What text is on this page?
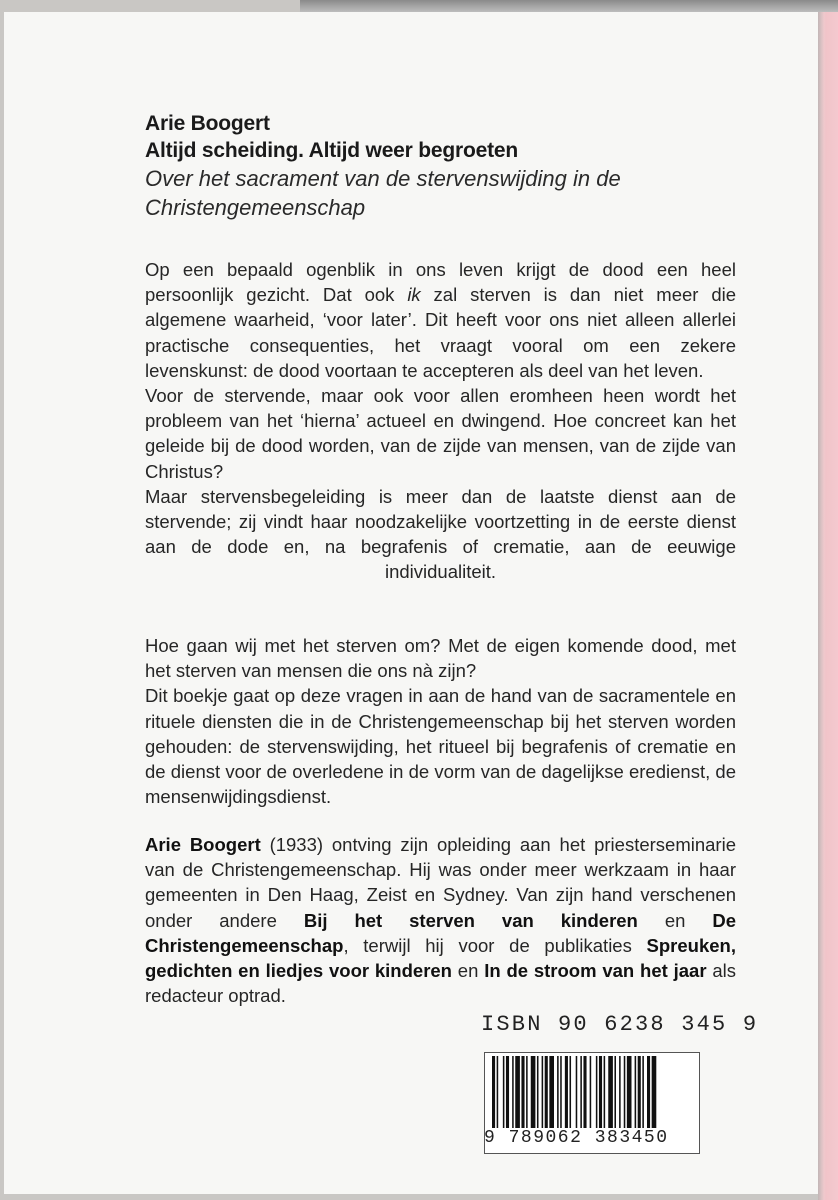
Arie Boogert
Altijd scheiding. Altijd weer begroeten
Over het sacrament van de stervenswijding in de Christengemeenschap

Op een bepaald ogenblik in ons leven krijgt de dood een heel persoonlijk gezicht. Dat ook ik zal sterven is dan niet meer die algemene waarheid, ‘voor later’. Dit heeft voor ons niet alleen allerlei practische consequenties, het vraagt vooral om een zekere levenskunst: de dood voortaan te accepteren als deel van het leven.

Voor de stervende, maar ook voor allen eromheen heen wordt het probleem van het ‘hierna’ actueel en dwingend. Hoe concreet kan het geleide bij de dood worden, van de zijde van mensen, van de zijde van Christus?

Maar stervensbegeleiding is meer dan de laatste dienst aan de stervende; zij vindt haar noodzakelijke voortzetting in de eerste dienst aan de dode en, na begrafenis of crematie, aan de eeuwige individualiteit.

Hoe gaan wij met het sterven om? Met de eigen komende dood, met het sterven van mensen die ons nà zijn?

Dit boekje gaat op deze vragen in aan de hand van de sacramentele en rituele diensten die in de Christengemeenschap bij het sterven worden gehouden: de stervenswijding, het ritueel bij begrafenis of crematie en de dienst voor de overledene in de vorm van de dagelijkse eredienst, de mensenwijdingsdienst.

Arie Boogert (1933) ontving zijn opleiding aan het priesterseminarie van de Christengemeenschap. Hij was onder meer werkzaam in haar gemeenten in Den Haag, Zeist en Sydney. Van zijn hand verschenen onder andere Bij het sterven van kinderen en De Christengemeenschap, terwijl hij voor de publikaties Spreuken, gedichten en liedjes voor kinderen en In de stroom van het jaar als redacteur optrad.

ISBN 90 6238 345 9
9 789062 383450
